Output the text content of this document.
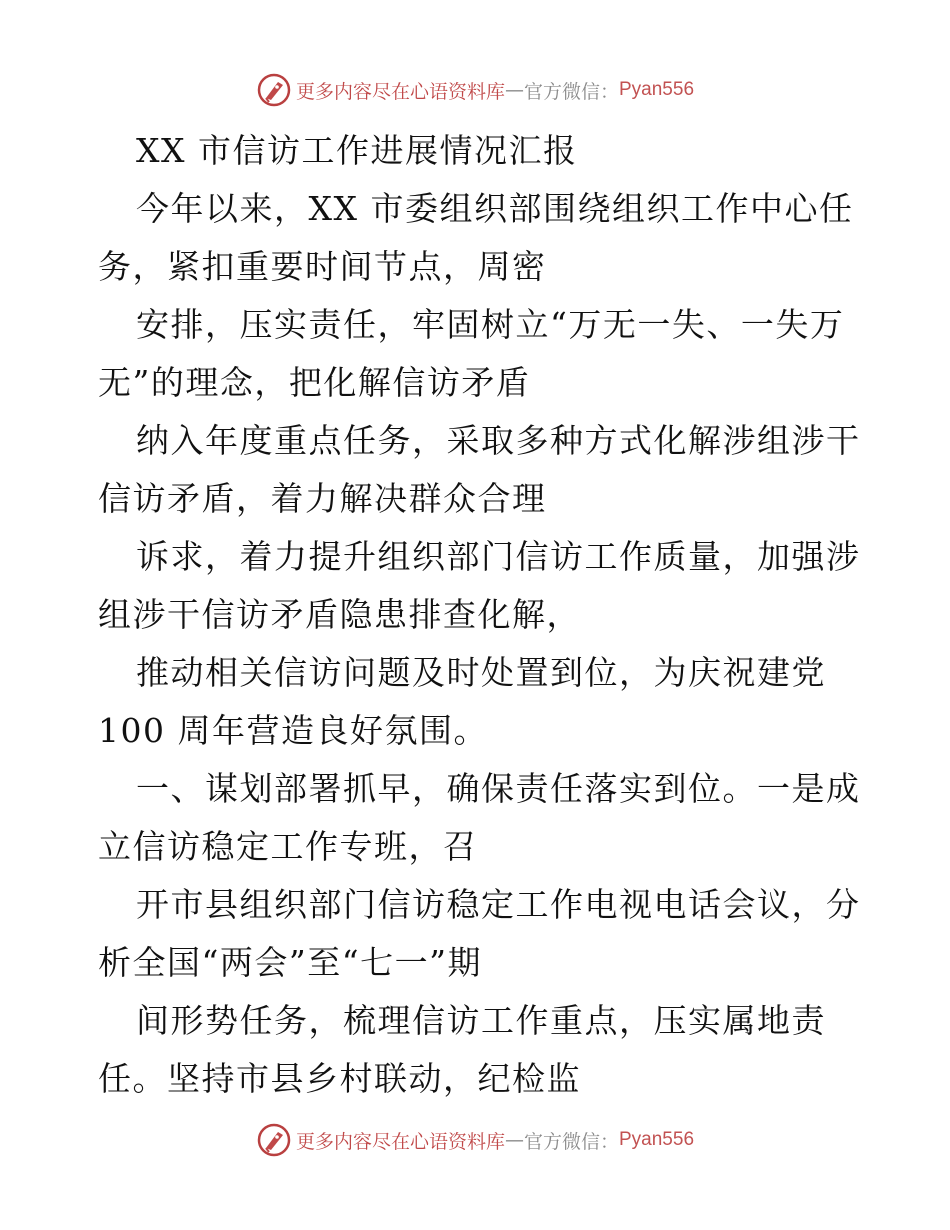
更多内容尽在心语资料库 — 官方微信： Pyan556
XX 市信访工作进展情况汇报
今年以来，XX 市委组织部围绕组织工作中心任
务，紧扣重要时间节点，周密
安排，压实责任，牢固树立“万无一失、一失万
无”的理念，把化解信访矛盾
纳入年度重点任务，采取多种方式化解涉组涉干
信访矛盾，着力解决群众合理
诉求，着力提升组织部门信访工作质量，加强涉
组涉干信访矛盾隐患排查化解，
推动相关信访问题及时处置到位，为庆祝建党
100 周年营造良好氛围。
一、谋划部署抓早，确保责任落实到位。一是成
立信访稳定工作专班，召
开市县组织部门信访稳定工作电视电话会议，分
析全国“两会”至“七一”期
间形势任务，梳理信访工作重点，压实属地责
任。坚持市县乡村联动，纪检监
更多内容尽在心语资料库 — 官方微信： Pyan556
